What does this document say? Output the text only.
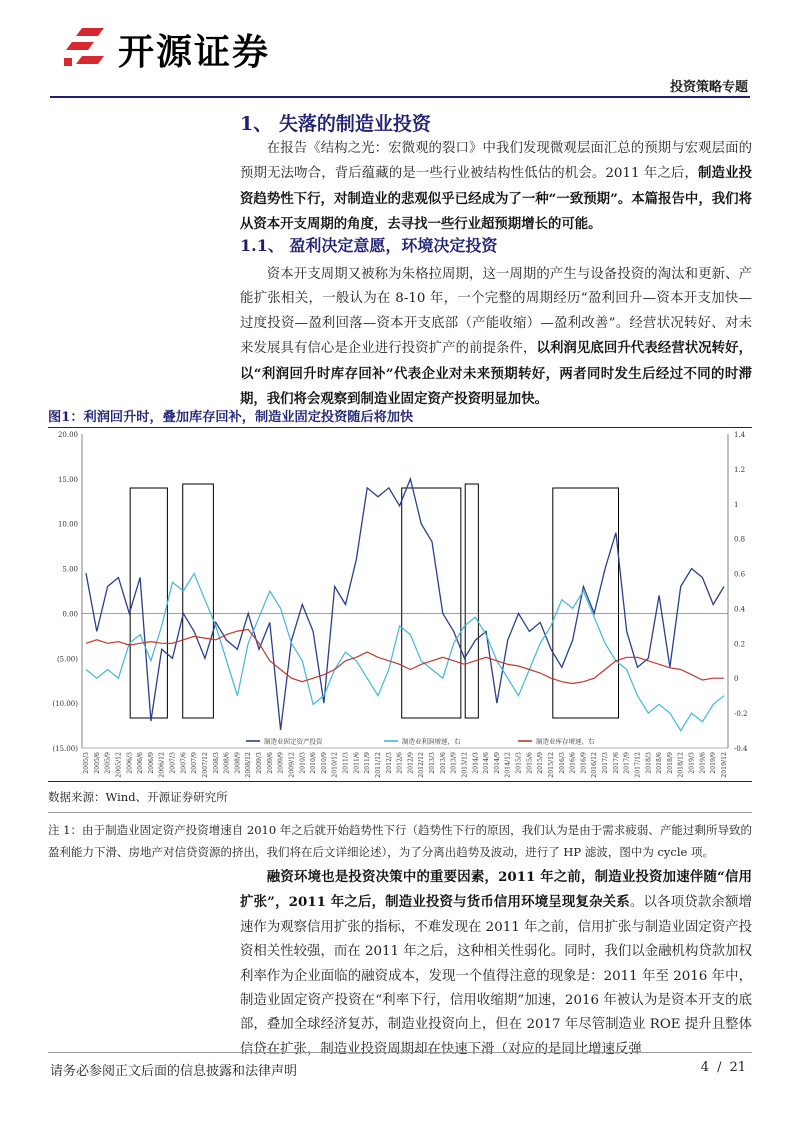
开源证券
投资策略专题
1、 失落的制造业投资
在报告《结构之光：宏微观的裂口》中我们发现微观层面汇总的预期与宏观层面的预期无法吻合，背后蕴藏的是一些行业被结构性低估的机会。2011 年之后，制造业投资趋势性下行，对制造业的悲观似乎已经成为了一种“一致预期”。本篇报告中，我们将从资本开支周期的角度，去寻找一些行业超预期增长的可能。
1.1、 盈利决定意愿，环境决定投资
资本开支周期又被称为朱格拉周期，这一周期的产生与设备投资的淘汰和更新、产能扩张相关，一般认为在 8-10 年，一个完整的周期经历“盈利回升—资本开支加快—过度投资—盈利回落—资本开支底部（产能收缩）—盈利改善”。经营状况转好、对未来发展具有信心是企业进行投资扩产的前提条件，以利润见底回升代表经营状况转好，以“利润回升时库存回补”代表企业对未来预期转好，两者同时发生后经过不同的时滞期，我们将会观察到制造业固定资产投资明显加快。
图1：利润回升时，叠加库存回补，制造业固定投资随后将加快
20.00
15.00
10.00
5.00
0.00
(5.00)
(10.00)
(15.00)
1.4
1.2
1
0.8
0.6
0.4
0.2
0
-0.2
-0.4
2005/3 2005/6 2005/9 2005/12 2006/3 2006/6 2006/9 2006/12 2007/3 2007/6 2007/9 2007/12 2008/3 2008/6 2008/9 2008/12 2009/3 2009/6 2009/9 2009/12 2010/3 2010/6 2010/9 2010/12 2011/3 2011/6 2011/9 2011/12 2012/3 2012/6 2012/9 2012/12 2013/3 2013/6 2013/9 2013/12 2014/3 2014/6 2014/9 2014/12 2015/3 2015/6 2015/9 2015/12 2016/3 2016/6 2016/9 2016/12 2017/3 2017/6 2017/9 2017/12 2018/3 2018/6 2018/9 2018/12 2019/3 2019/6 2019/9 2019/12
制造业固定资产投资	制造业利润增速，右	制造业库存增速，右
数据来源：Wind、开源证券研究所
注 1：由于制造业固定资产投资增速自 2010 年之后就开始趋势性下行（趋势性下行的原因，我们认为是由于需求疲弱、产能过剩所导致的盈利能力下滑、房地产对信贷资源的挤出，我们将在后文详细论述），为了分离出趋势及波动，进行了 HP 滤波，图中为 cycle 项。
融资环境也是投资决策中的重要因素，2011 年之前，制造业投资加速伴随“信用扩张”，2011 年之后，制造业投资与货币信用环境呈现复杂关系。以各项贷款余额增速作为观察信用扩张的指标，不难发现在 2011 年之前，信用扩张与制造业固定资产投资相关性较强，而在 2011 年之后，这种相关性弱化。同时，我们以金融机构贷款加权利率作为企业面临的融资成本，发现一个值得注意的现象是：2011 年至 2016 年中，制造业固定资产投资在“利率下行，信用收缩期”加速，2016 年被认为是资本开支的底部，叠加全球经济复苏，制造业投资向上，但在 2017 年尽管制造业 ROE 提升且整体信贷在扩张，制造业投资周期却在快速下滑（对应的是同比增速反弹
请务必参阅正文后面的信息披露和法律声明	4 / 21
